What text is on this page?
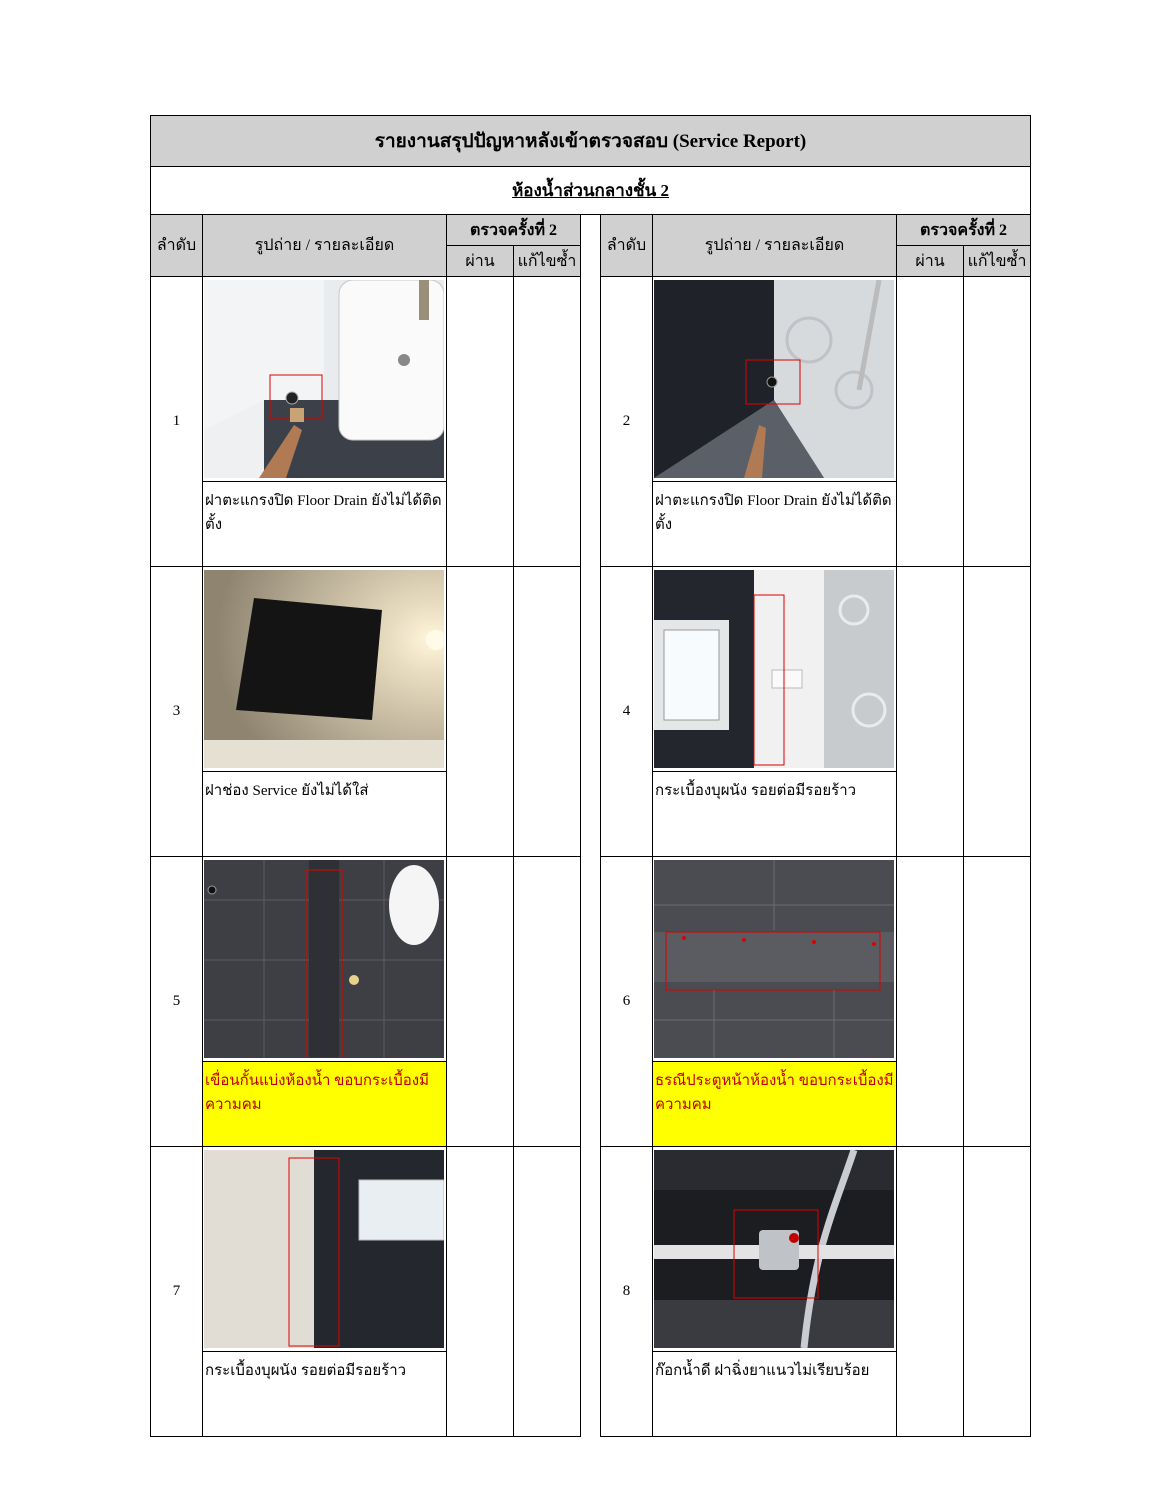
รายงานสรุปปัญหาหลังเข้าตรวจสอบ (Service Report)								
ห้องน้ำส่วนกลางชั้น 2								
ลำดับ	รูปถ่าย / รายละเอียด	ตรวจครั้งที่ 2			ลำดับ	รูปถ่าย / รายละเอียด	ตรวจครั้งที่ 2	
		ผ่าน	แก้ไขซ้ำ				ผ่าน	แก้ไขซ้ำ
1					2	

	ฝาตะแกรงปิด Floor Drain ยังไม่ได้ติดตั้ง					ฝาตะแกรงปิด Floor Drain ยังไม่ได้ติดตั้ง		
3					4	

	ฝาช่อง Service ยังไม่ได้ใส่					กระเบื้องบุผนัง รอยต่อมีรอยร้าว		
5					6	

	เขื่อนกั้นแบ่งห้องน้ำ ขอบกระเบื้องมีความคม					ธรณีประตูหน้าห้องน้ำ ขอบกระเบื้องมีความคม		
7					8	

	กระเบื้องบุผนัง รอยต่อมีรอยร้าว					ก๊อกน้ำดี ฝาฉิ่งยาแนวไม่เรียบร้อย		
